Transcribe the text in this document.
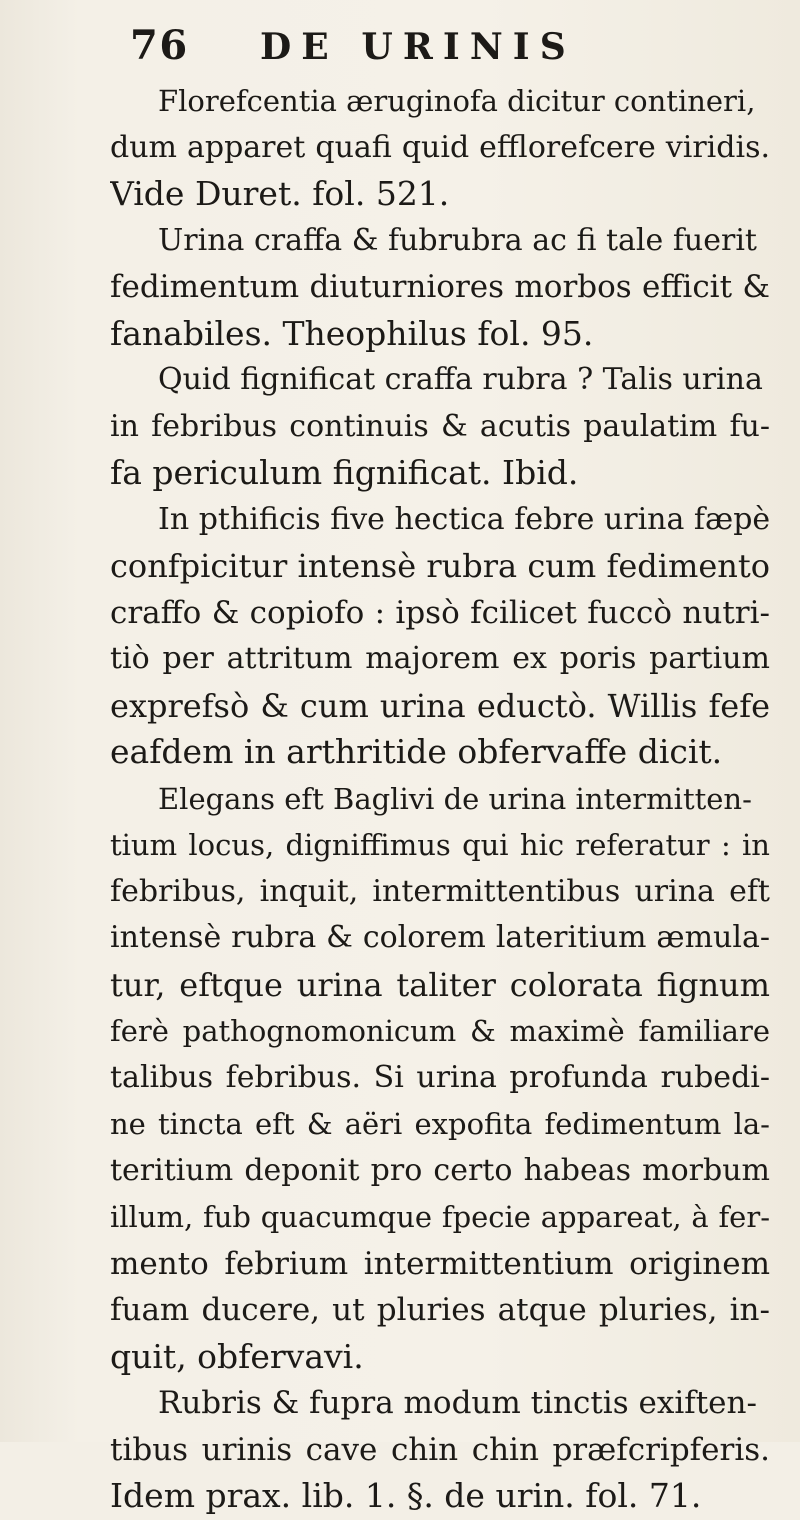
76	DE URINIS
Florefcentia æruginofa dicitur contineri,
dum apparet quafi quid efflorefcere viridis.
Vide Duret. fol. 521.
Urina craffa & fubrubra ac fi tale fuerit
fedimentum diuturniores morbos efficit &
fanabiles. Theophilus fol. 95.
Quid fignificat craffa rubra ? Talis urina
in febribus continuis & acutis paulatim fu-
fa periculum fignificat. Ibid.
In pthificis five hectica febre urina fæpè
confpicitur intensè rubra cum fedimento
craffo & copiofo : ipsò fcilicet fuccò nutri-
tiò per attritum majorem ex poris partium
exprefsò & cum urina eductò. Willis fefe
eafdem in arthritide obfervaffe dicit.
Elegans eft Baglivi de urina intermitten-
tium locus, digniffimus qui hic referatur : in
febribus, inquit, intermittentibus urina eft
intensè rubra & colorem lateritium æmula-
tur, eftque urina taliter colorata fignum
ferè pathognomonicum & maximè familiare
talibus febribus. Si urina profunda rubedi-
ne tincta eft & aëri expofita fedimentum la-
teritium deponit pro certo habeas morbum
illum, fub quacumque fpecie appareat, à fer-
mento febrium intermittentium originem
fuam ducere, ut pluries atque pluries, in-
quit, obfervavi.
Rubris & fupra modum tinctis exiften-
tibus urinis cave chin chin præfcripferis.
Idem prax. lib. 1. §. de urin. fol. 71.
